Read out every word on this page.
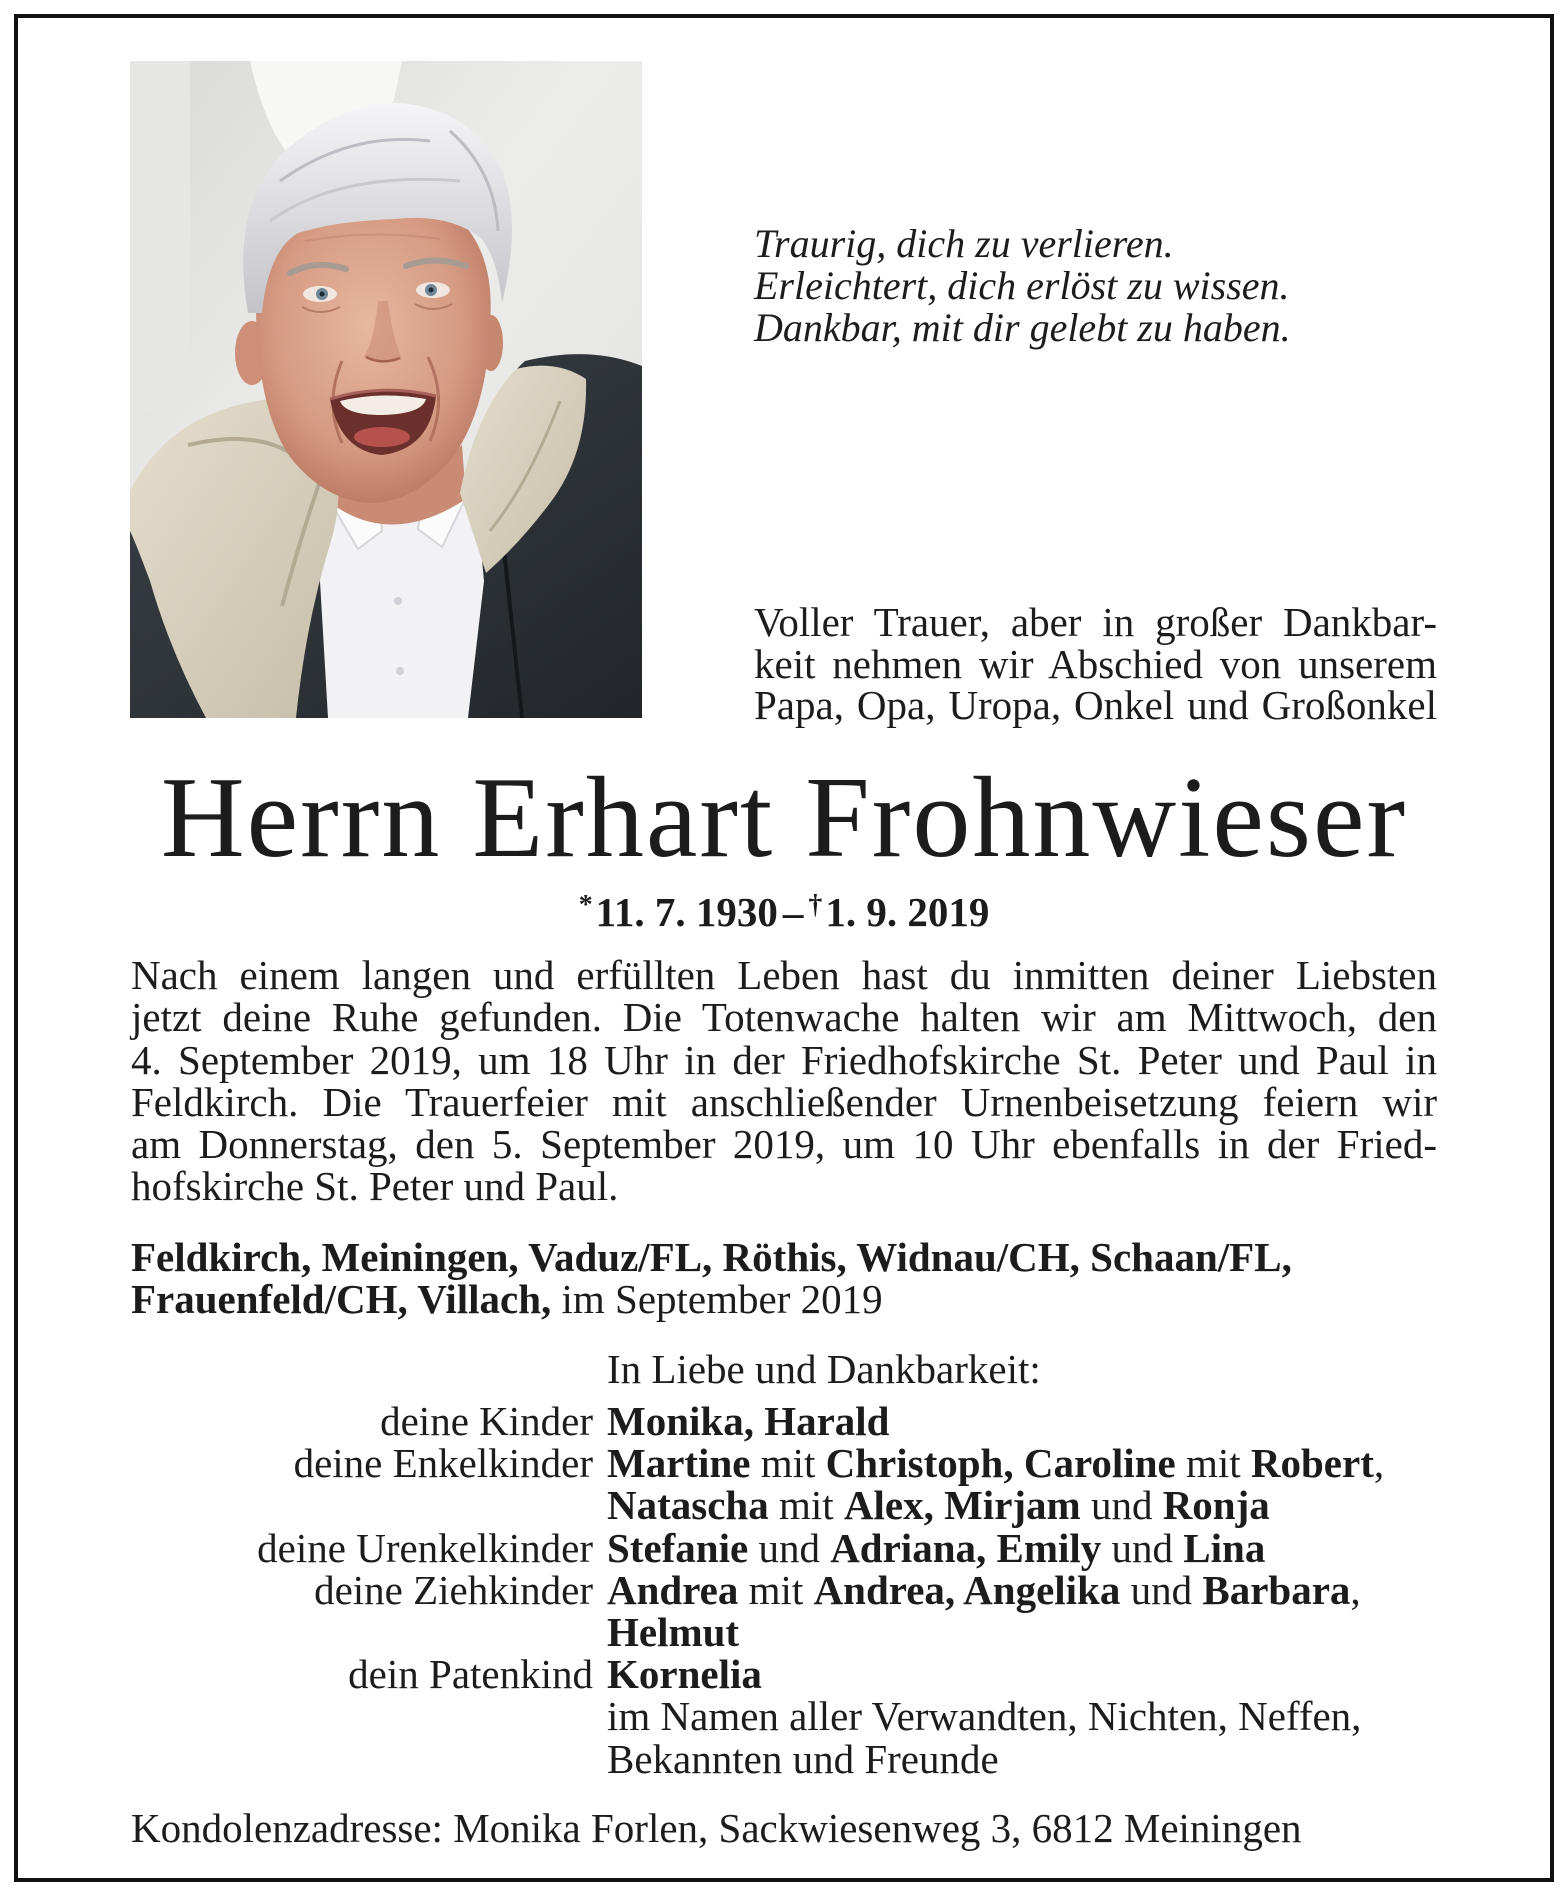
Traurig, dich zu verlieren.
Erleichtert, dich erlöst zu wissen.
Dankbar, mit dir gelebt zu haben.
Voller Trauer, aber in großer Dankbar-
keit nehmen wir Abschied von unserem
Papa, Opa, Uropa, Onkel und Großonkel
Herrn Erhart Frohnwieser
*11. 7. 1930 – †1. 9. 2019
Nach einem langen und erfüllten Leben hast du inmitten deiner Liebsten
jetzt deine Ruhe gefunden. Die Totenwache halten wir am Mittwoch, den
4. September 2019, um 18 Uhr in der Friedhofskirche St. Peter und Paul in
Feldkirch. Die Trauerfeier mit anschließender Urnenbeisetzung feiern wir
am Donnerstag, den 5. September 2019, um 10 Uhr ebenfalls in der Fried-
hofskirche St. Peter und Paul.
Feldkirch, Meiningen, Vaduz/FL, Röthis, Widnau/CH, Schaan/FL,
Frauenfeld/CH, Villach, im September 2019
In Liebe und Dankbarkeit:
deine Kinder Monika, Harald
deine Enkelkinder Martine mit Christoph, Caroline mit Robert,
Natascha mit Alex, Mirjam und Ronja
deine Urenkelkinder Stefanie und Adriana, Emily und Lina
deine Ziehkinder Andrea mit Andrea, Angelika und Barbara,
Helmut
dein Patenkind Kornelia
im Namen aller Verwandten, Nichten, Neffen,
Bekannten und Freunde
Kondolenzadresse: Monika Forlen, Sackwiesenweg 3, 6812 Meiningen
